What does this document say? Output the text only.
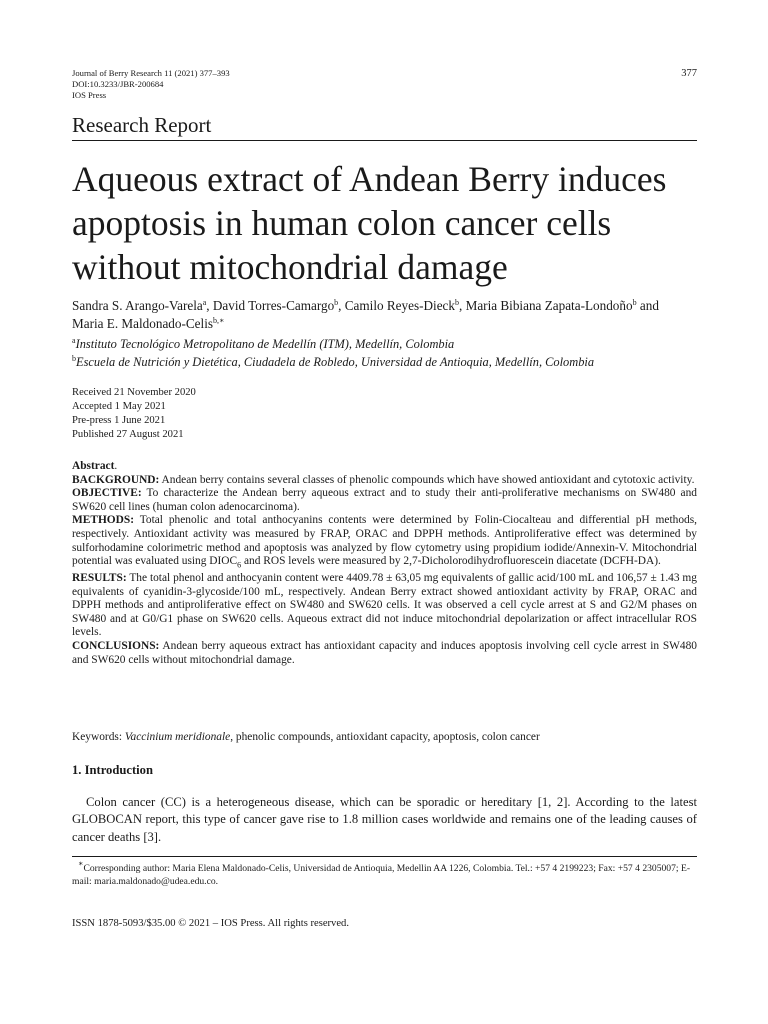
Journal of Berry Research 11 (2021) 377–393
DOI:10.3233/JBR-200684
IOS Press
377
Research Report
Aqueous extract of Andean Berry induces apoptosis in human colon cancer cells without mitochondrial damage
Sandra S. Arango-Varela$^a$, David Torres-Camargo$^b$, Camilo Reyes-Dieck$^b$, Maria Bibiana Zapata-Londoño$^b$ and Maria E. Maldonado-Celis$^{b,∗}$
$^a$Instituto Tecnológico Metropolitano de Medellín (ITM), Medellín, Colombia
$^b$Escuela de Nutrición y Dietética, Ciudadela de Robledo, Universidad de Antioquia, Medellín, Colombia
Received 21 November 2020
Accepted 1 May 2021
Pre-press 1 June 2021
Published 27 August 2021

Abstract.

BACKGROUND: Andean berry contains several classes of phenolic compounds which have showed antioxidant and cytotoxic activity.

OBJECTIVE: To characterize the Andean berry aqueous extract and to study their anti-proliferative mechanisms on SW480 and SW620 cell lines (human colon adenocarcinoma).

METHODS: Total phenolic and total anthocyanins contents were determined by Folin-Ciocalteau and differential pH methods, respectively. Antioxidant activity was measured by FRAP, ORAC and DPPH methods. Antiproliferative effect was determined by sulforhodamine colorimetric method and apoptosis was analyzed by flow cytometry using propidium iodide/Annexin-V. Mitochondrial potential was evaluated using $DIOC_6$ and ROS levels were measured by 2,7-Dicholorodihydrofluorescein diacetate (DCFH-DA).

RESULTS: The total phenol and anthocyanin content were 4409.78 ± 63,05 mg equivalents of gallic acid/100 mL and 106,57 ± 1.43 mg equivalents of cyanidin-3-glycoside/100 mL, respectively. Andean Berry extract showed antioxidant activity by FRAP, ORAC and DPPH methods and antiproliferative effect on SW480 and SW620 cells. It was observed a cell cycle arrest at S and G2/M phases on SW480 and at G0/G1 phase on SW620 cells. Aqueous extract did not induce mitochondrial depolarization or affect intracellular ROS levels.

CONCLUSIONS: Andean berry aqueous extract has antioxidant capacity and induces apoptosis involving cell cycle arrest in SW480 and SW620 cells without mitochondrial damage.

Keywords: Vaccinium meridionale, phenolic compounds, antioxidant capacity, apoptosis, colon cancer
1. Introduction

Colon cancer (CC) is a heterogeneous disease, which can be sporadic or hereditary [1, 2]. According to the latest GLOBOCAN report, this type of cancer gave rise to 1.8 million cases worldwide and remains one of the leading causes of cancer deaths [3].

∗Corresponding author: Maria Elena Maldonado-Celis, Universidad de Antioquia, Medellin AA 1226, Colombia. Tel.: +57 4 2199223; Fax: +57 4 2305007; E-mail: maria.maldonado@udea.edu.co.
ISSN 1878-5093/$35.00 © 2021 – IOS Press. All rights reserved.
